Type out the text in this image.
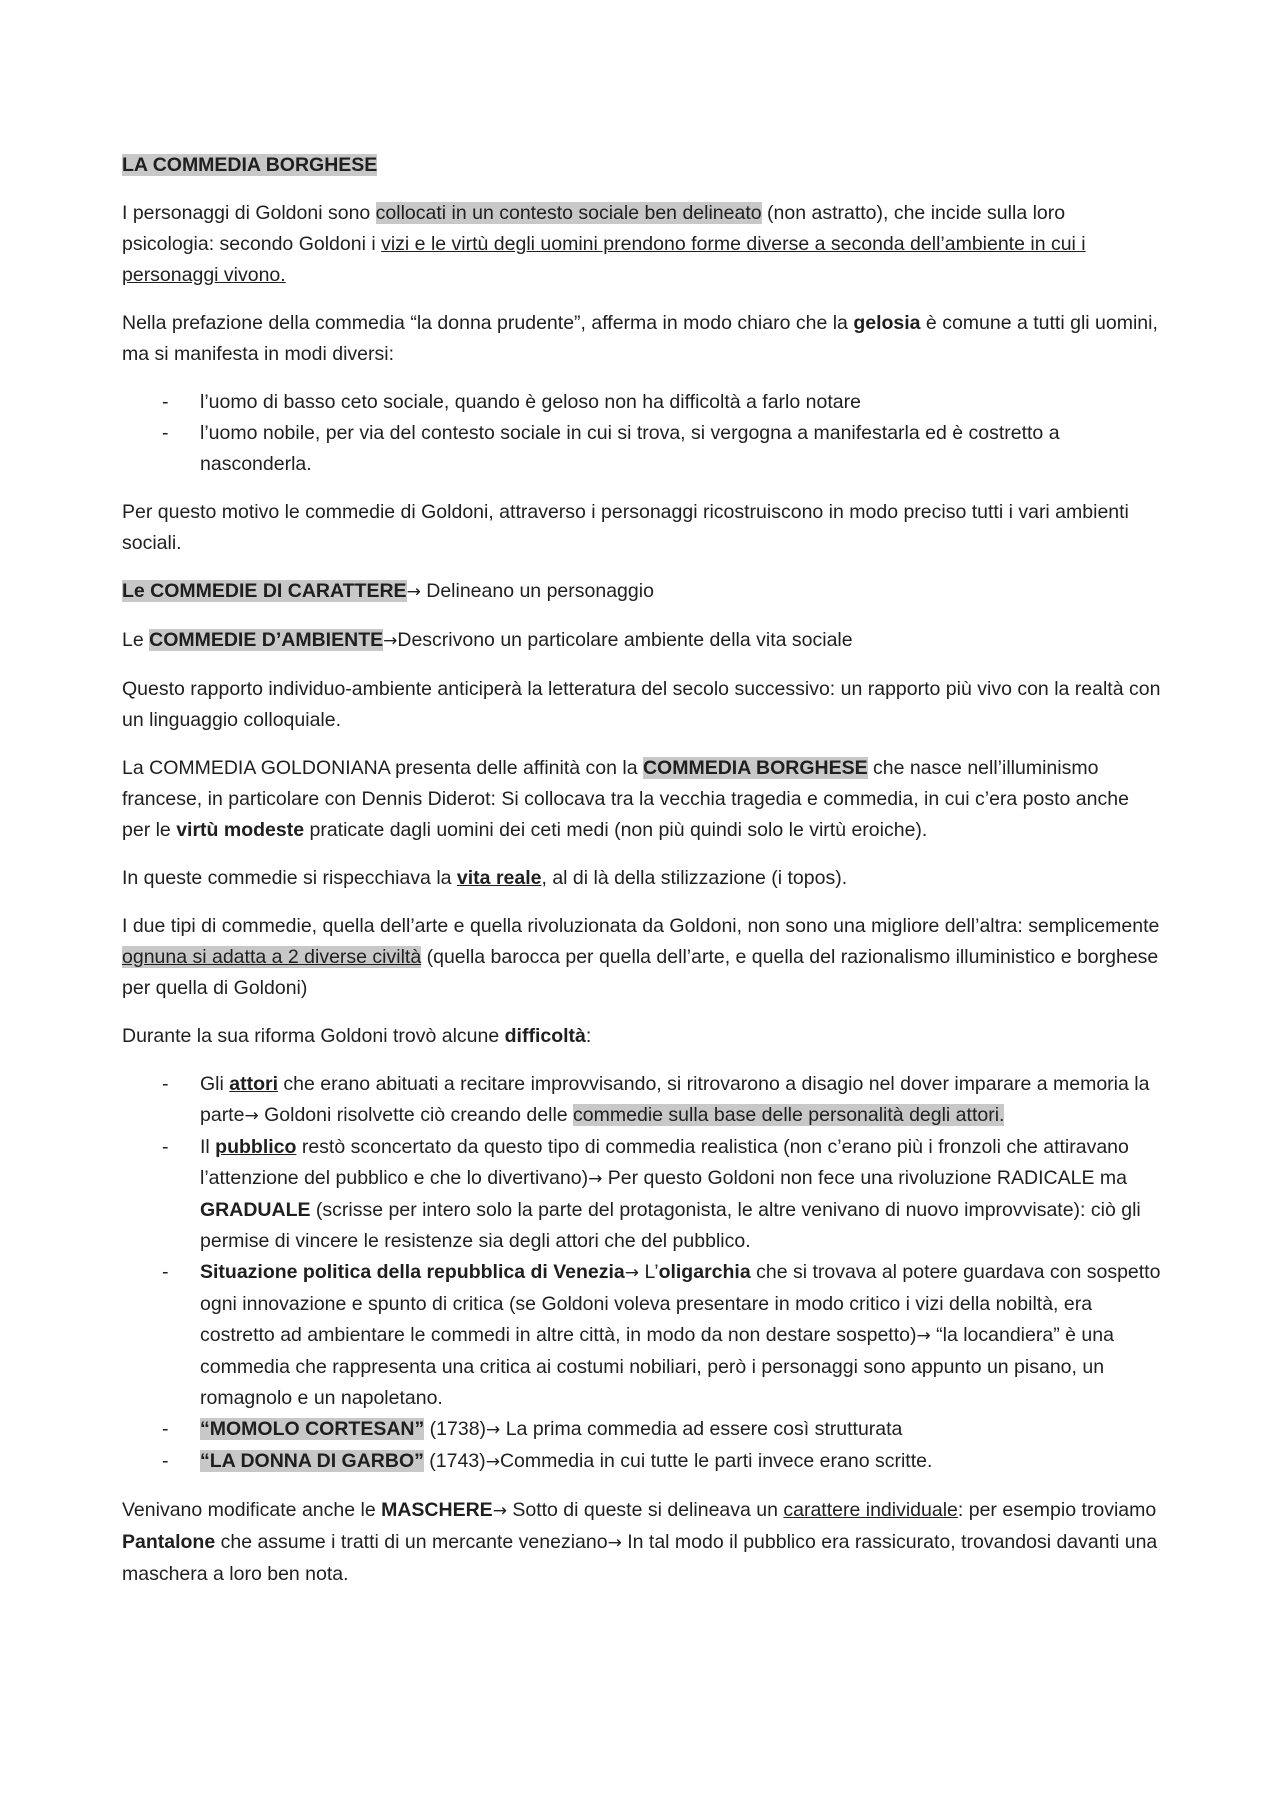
LA COMMEDIA BORGHESE

I personaggi di Goldoni sono collocati in un contesto sociale ben delineato (non astratto), che incide sulla loro psicologia: secondo Goldoni i vizi e le virtù degli uomini prendono forme diverse a seconda dell’ambiente in cui i personaggi vivono.

Nella prefazione della commedia “la donna prudente”, afferma in modo chiaro che la gelosia è comune a tutti gli uomini, ma si manifesta in modi diversi:

- l’uomo di basso ceto sociale, quando è geloso non ha difficoltà a farlo notare
- l’uomo nobile, per via del contesto sociale in cui si trova, si vergogna a manifestarla ed è costretto a nasconderla.

Per questo motivo le commedie di Goldoni, attraverso i personaggi ricostruiscono in modo preciso tutti i vari ambienti sociali.

Le COMMEDIE DI CARATTERE→ Delineano un personaggio

Le COMMEDIE D’AMBIENTE→Descrivono un particolare ambiente della vita sociale

Questo rapporto individuo-ambiente anticiperà la letteratura del secolo successivo: un rapporto più vivo con la realtà con un linguaggio colloquiale.

La COMMEDIA GOLDONIANA presenta delle affinità con la COMMEDIA BORGHESE che nasce nell’illuminismo francese, in particolare con Dennis Diderot: Si collocava tra la vecchia tragedia e commedia, in cui c’era posto anche per le virtù modeste praticate dagli uomini dei ceti medi (non più quindi solo le virtù eroiche).

In queste commedie si rispecchiava la vita reale, al di là della stilizzazione (i topos).

I due tipi di commedie, quella dell’arte e quella rivoluzionata da Goldoni, non sono una migliore dell’altra: semplicemente ognuna si adatta a 2 diverse civiltà (quella barocca per quella dell’arte, e quella del razionalismo illuministico e borghese per quella di Goldoni)

Durante la sua riforma Goldoni trovò alcune difficoltà:

- Gli attori che erano abituati a recitare improvvisando, si ritrovarono a disagio nel dover imparare a memoria la parte→ Goldoni risolvette ciò creando delle commedie sulla base delle personalità degli attori.
- Il pubblico restò sconcertato da questo tipo di commedia realistica (non c’erano più i fronzoli che attiravano l’attenzione del pubblico e che lo divertivano)→ Per questo Goldoni non fece una rivoluzione RADICALE ma GRADUALE (scrisse per intero solo la parte del protagonista, le altre venivano di nuovo improvvisate): ciò gli permise di vincere le resistenze sia degli attori che del pubblico.
- Situazione politica della repubblica di Venezia→ L’oligarchia che si trovava al potere guardava con sospetto ogni innovazione e spunto di critica (se Goldoni voleva presentare in modo critico i vizi della nobiltà, era costretto ad ambientare le commedi in altre città, in modo da non destare sospetto)→ “la locandiera” è una commedia che rappresenta una critica ai costumi nobiliari, però i personaggi sono appunto un pisano, un romagnolo e un napoletano.
- “MOMOLO CORTESAN” (1738)→ La prima commedia ad essere così strutturata
- “LA DONNA DI GARBO” (1743)→Commedia in cui tutte le parti invece erano scritte.

Venivano modificate anche le MASCHERE→ Sotto di queste si delineava un carattere individuale: per esempio troviamo Pantalone che assume i tratti di un mercante veneziano→ In tal modo il pubblico era rassicurato, trovandosi davanti una maschera a loro ben nota.
